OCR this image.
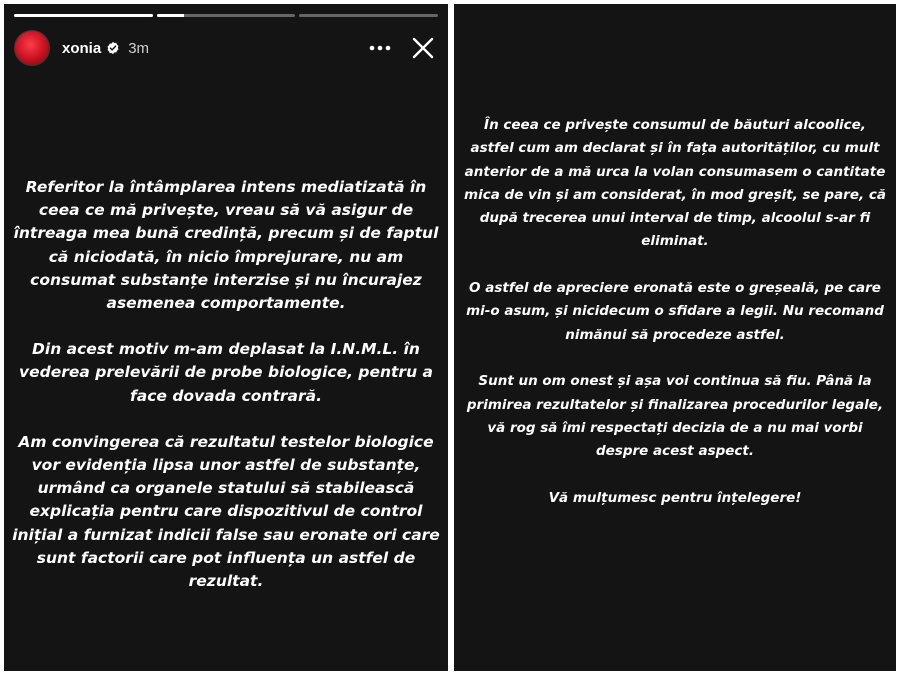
xonia 3m

Referitor la întâmplarea intens mediatizată în ceea ce mă privește, vreau să vă asigur de întreaga mea bună credință, precum și de faptul că niciodată, în nicio împrejurare, nu am consumat substanțe interzise și nu încurajez asemenea comportamente.

Din acest motiv m-am deplasat la I.N.M.L. în vederea prelevării de probe biologice, pentru a face dovada contrară.

Am convingerea că rezultatul testelor biologice vor evidenția lipsa unor astfel de substanțe, urmând ca organele statului să stabilească explicația pentru care dispozitivul de control inițial a furnizat indicii false sau eronate ori care sunt factorii care pot influența un astfel de rezultat.

În ceea ce privește consumul de băuturi alcoolice, astfel cum am declarat și în fața autorităților, cu mult anterior de a mă urca la volan consumasem o cantitate mica de vin și am considerat, în mod greșit, se pare, că după trecerea unui interval de timp, alcoolul s-ar fi eliminat.

O astfel de apreciere eronată este o greșeală, pe care mi-o asum, și nicidecum o sfidare a legii. Nu recomand nimănui să procedeze astfel.

Sunt un om onest și așa voi continua să fiu. Până la primirea rezultatelor și finalizarea procedurilor legale, vă rog să îmi respectați decizia de a nu mai vorbi despre acest aspect.

Vă mulțumesc pentru înțelegere!
